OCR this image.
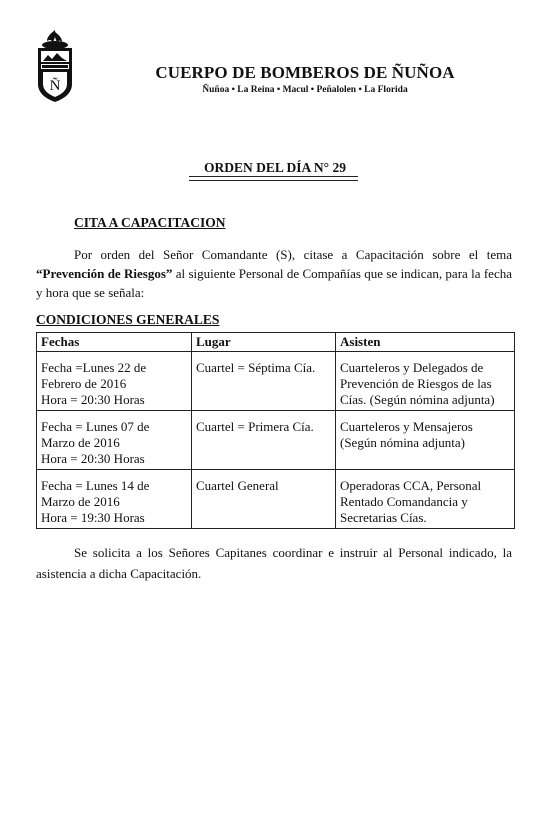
Ñ
CUERPO DE BOMBEROS DE ÑUÑOA
Ñuñoa • La Reina • Macul • Peñalolen • La Florida
ORDEN DEL DÍA N° 29
CITA A CAPACITACION

Por orden del Señor Comandante (S), citase a Capacitación sobre el tema “Prevención de Riesgos” al siguiente Personal de Compañías que se indican, para la fecha y hora que se señala:

CONDICIONES GENERALES
Fechas	Lugar	Asisten

Fecha =Lunes 22 de
Febrero de 2016
Hora = 20:30 Horas	Cuartel = Séptima Cía.	Cuarteleros y Delegados de
Prevención de Riesgos de las
Cías. (Según nómina adjunta)

Fecha = Lunes 07 de
Marzo de 2016
Hora = 20:30 Horas	Cuartel = Primera Cía.	Cuarteleros y Mensajeros
(Según nómina adjunta)

Fecha = Lunes 14 de
Marzo de 2016
Hora = 19:30 Horas	Cuartel General	Operadoras CCA, Personal
Rentado Comandancia y
Secretarias Cías.

Se solicita a los Señores Capitanes coordinar e instruir al Personal indicado, la asistencia a dicha Capacitación.
